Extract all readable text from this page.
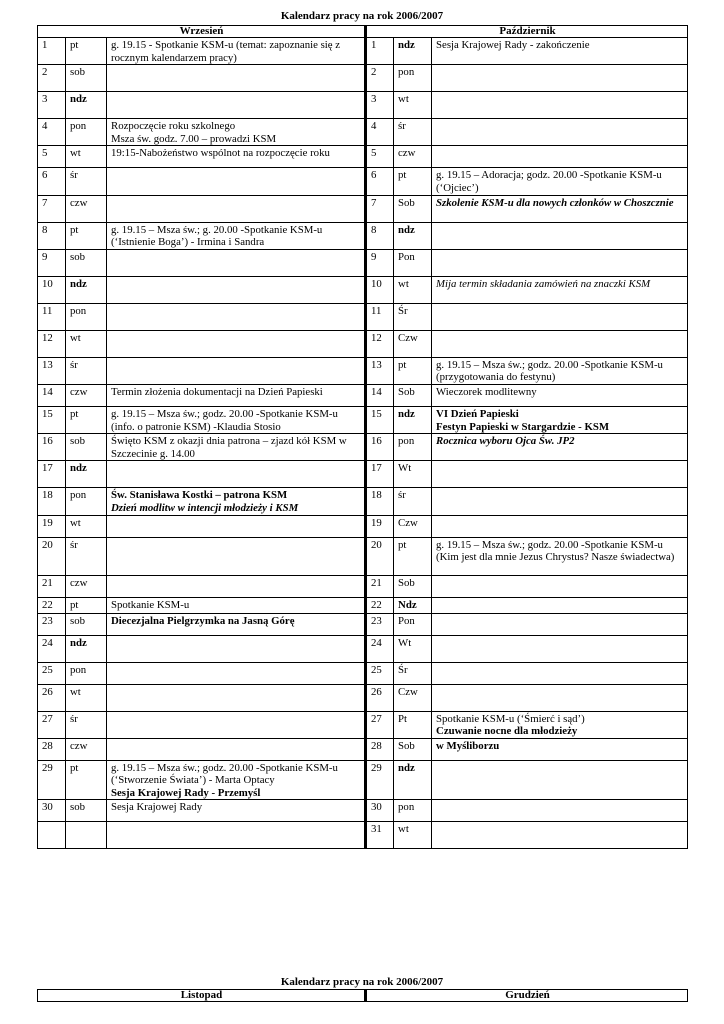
Kalendarz pracy na rok 2006/2007
Wrzesień			Październik		
1	pt	g. 19.15 - Spotkanie KSM-u (temat: zapoznanie się z rocznym kalendarzem pracy)	1	ndz	Sesja Krajowej Rady - zakończenie

2	sob		2	pon	
3	ndz		3	wt	
4	pon	Rozpoczęcie roku szkolnego
Msza św. godz. 7.00 – prowadzi KSM	4	śr	
5	wt	19:15-Nabożeństwo wspólnot na rozpoczęcie roku	5	czw	
6	śr		6	pt	g. 19.15 – Adoracja; godz. 20.00 -Spotkanie KSM-u (‘Ojciec’)

7	czw		7	Sob	Szkolenie KSM-u dla nowych członków w Choszcznie

8	pt	g. 19.15 – Msza św.; g. 20.00 -Spotkanie KSM-u (‘Istnienie Boga’) - Irmina i Sandra	8	ndz	
9	sob		9	Pon	
10	ndz		10	wt	Mija termin składania zamówień na znaczki KSM

11	pon		11	Śr	
12	wt		12	Czw	
13	śr		13	pt	g. 19.15 – Msza św.; godz. 20.00 -Spotkanie KSM-u (przygotowania do festynu)

14	czw	Termin złożenia dokumentacji na Dzień Papieski	14	Sob	Wieczorek modlitewny

15	pt	g. 19.15 – Msza św.; godz. 20.00 -Spotkanie KSM-u (info. o patronie KSM) -Klaudia Stosio	15	ndz	VI Dzień Papieski
Festyn Papieski w Stargardzie - KSM

16	sob	Święto KSM z okazji dnia patrona – zjazd kół KSM w Szczecinie g. 14.00	16	pon	Rocznica wyboru Ojca Św. JP2

17	ndz		17	Wt	
18	pon	Św. Stanisława Kostki – patrona KSM
Dzień modlitw w intencji młodzieży i KSM	18	śr	
19	wt		19	Czw	
20	śr		20	pt	g. 19.15 – Msza św.; godz. 20.00 -Spotkanie KSM-u (Kim jest dla mnie Jezus Chrystus? Nasze świadectwa)

21	czw		21	Sob	
22	pt	Spotkanie KSM-u	22	Ndz	
23	sob	Diecezjalna Pielgrzymka na Jasną Górę	23	Pon	
24	ndz		24	Wt	
25	pon		25	Śr	
26	wt		26	Czw	
27	śr		27	Pt	Spotkanie KSM-u (‘Śmierć i sąd’)
Czuwanie nocne dla młodzieży

28	czw		28	Sob	w Myśliborzu

29	pt	g. 19.15 – Msza św.; godz. 20.00 -Spotkanie KSM-u (‘Stworzenie Świata’) - Marta Optacy
Sesja Krajowej Rady - Przemyśl	29	ndz	
30	sob	Sesja Krajowej Rady	30	pon	
			31	wt	
Kalendarz pracy na rok 2006/2007
Listopad	Grudzień
